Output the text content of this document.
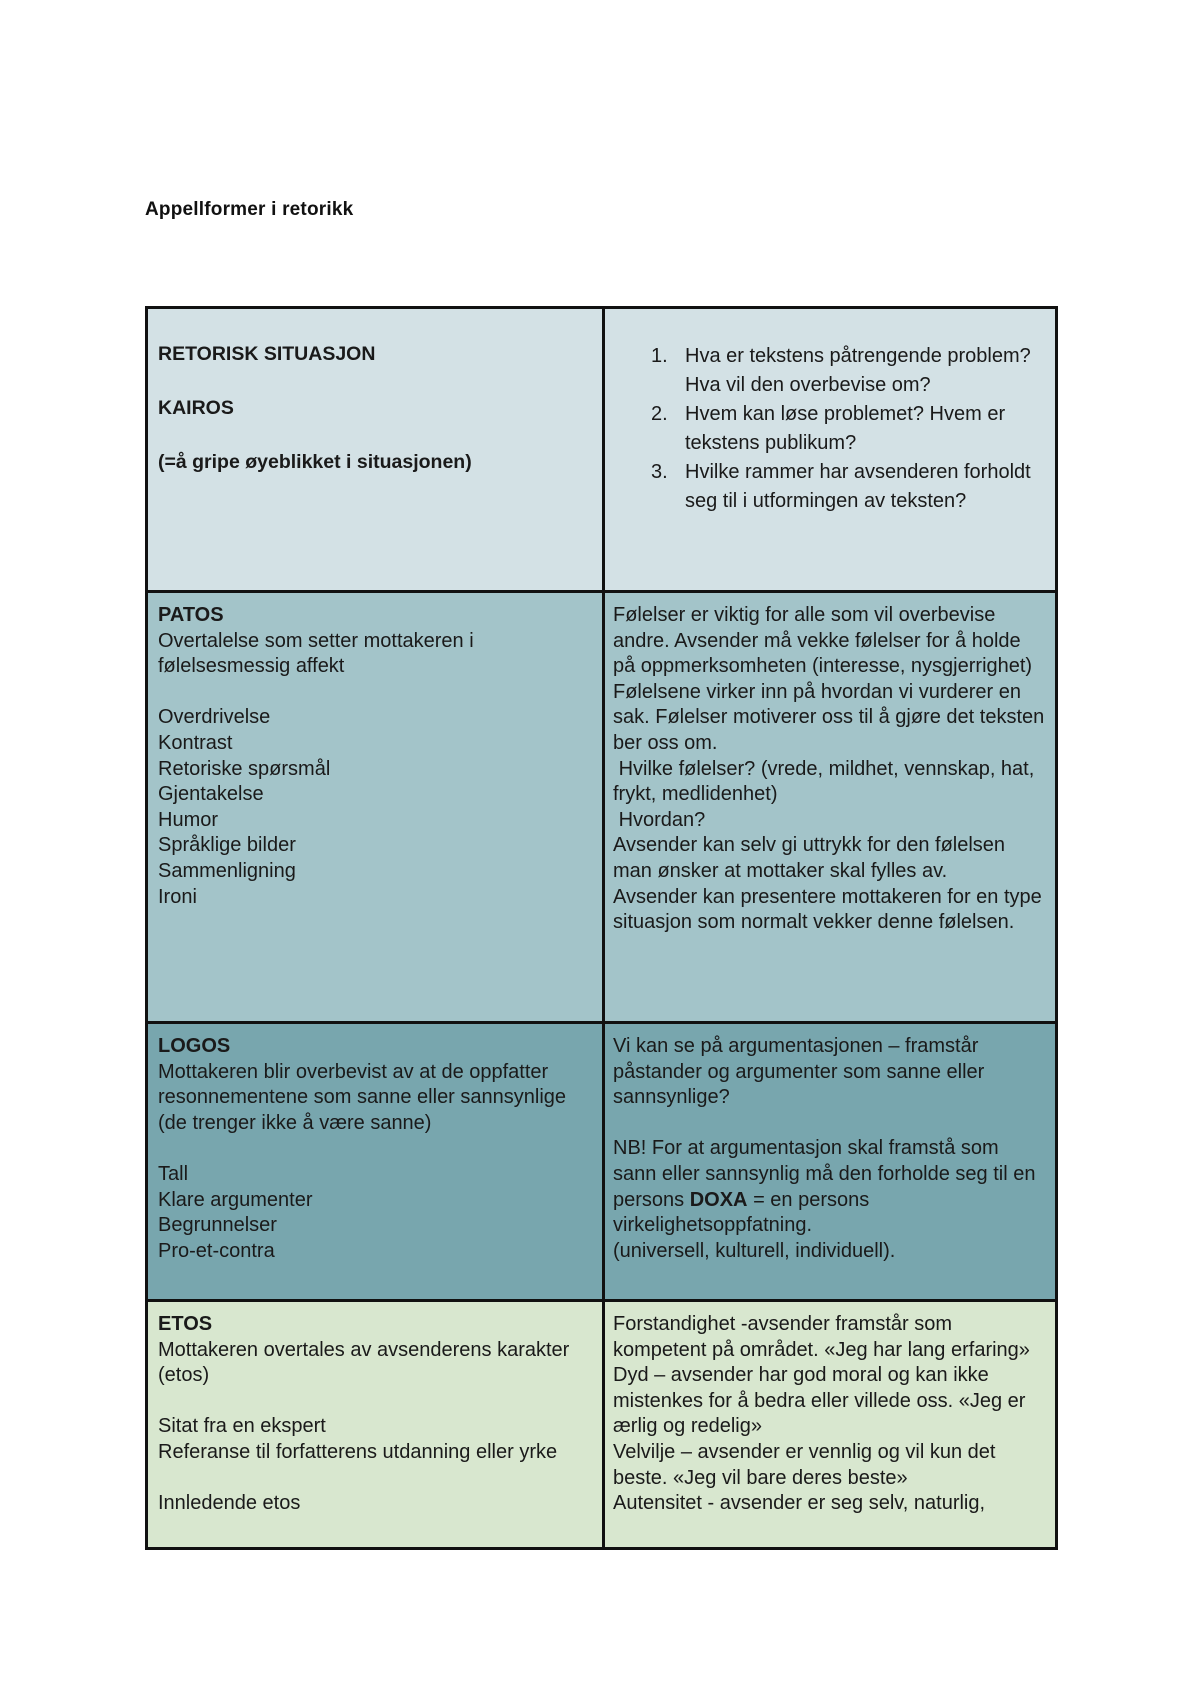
Appellformer i retorikk
RETORISK SITUASJON
KAIROS
(=å gripe øyeblikket i situasjonen)
1. Hva er tekstens påtrengende problem? Hva vil den overbevise om?
2. Hvem kan løse problemet? Hvem er tekstens publikum?
3. Hvilke rammer har avsenderen forholdt seg til i utformingen av teksten?
PATOS
Overtalelse som setter mottakeren i følelsesmessig affekt
Overdrivelse
Kontrast
Retoriske spørsmål
Gjentakelse
Humor
Språklige bilder
Sammenligning
Ironi
Følelser er viktig for alle som vil overbevise andre. Avsender må vekke følelser for å holde på oppmerksomheten (interesse, nysgjerrighet)
Følelsene virker inn på hvordan vi vurderer en sak. Følelser motiverer oss til å gjøre det teksten ber oss om.
Hvilke følelser? (vrede, mildhet, vennskap, hat, frykt, medlidenhet)
Hvordan?
Avsender kan selv gi uttrykk for den følelsen man ønsker at mottaker skal fylles av.
Avsender kan presentere mottakeren for en type situasjon som normalt vekker denne følelsen.
LOGOS
Mottakeren blir overbevist av at de oppfatter resonnementene som sanne eller sannsynlige (de trenger ikke å være sanne)
Tall
Klare argumenter
Begrunnelser
Pro-et-contra
Vi kan se på argumentasjonen – framstår påstander og argumenter som sanne eller sannsynlige?
NB! For at argumentasjon skal framstå som sann eller sannsynlig må den forholde seg til en persons DOXA = en persons virkelighetsoppfatning.
(universell, kulturell, individuell).
ETOS
Mottakeren overtales av avsenderens karakter (etos)
Sitat fra en ekspert
Referanse til forfatterens utdanning eller yrke
Innledende etos
Forstandighet -avsender framstår som kompetent på området. «Jeg har lang erfaring»
Dyd – avsender har god moral og kan ikke mistenkes for å bedra eller villede oss. «Jeg er ærlig og redelig»
Velvilje – avsender er vennlig og vil kun det beste. «Jeg vil bare deres beste»
Autensitet - avsender er seg selv, naturlig,
